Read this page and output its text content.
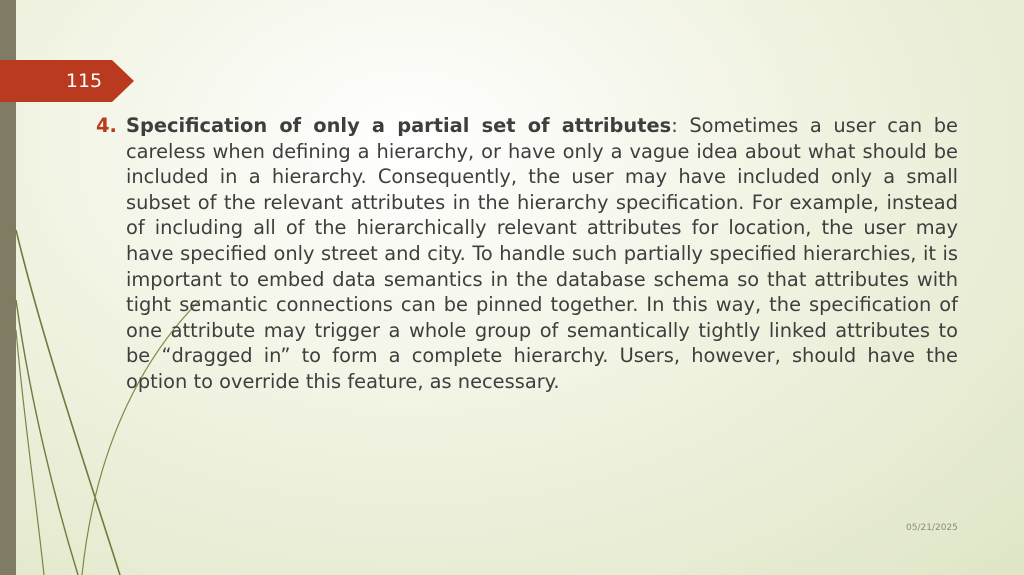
115
4. Specification of only a partial set of attributes: Sometimes a user can be careless when defining a hierarchy, or have only a vague idea about what should be included in a hierarchy. Consequently, the user may have included only a small subset of the relevant attributes in the hierarchy specification. For example, instead of including all of the hierarchically relevant attributes for location, the user may have specified only street and city. To handle such partially specified hierarchies, it is important to embed data semantics in the database schema so that attributes with tight semantic connections can be pinned together. In this way, the specification of one attribute may trigger a whole group of semantically tightly linked attributes to be “dragged in” to form a complete hierarchy. Users, however, should have the option to override this feature, as necessary.
05/21/2025
